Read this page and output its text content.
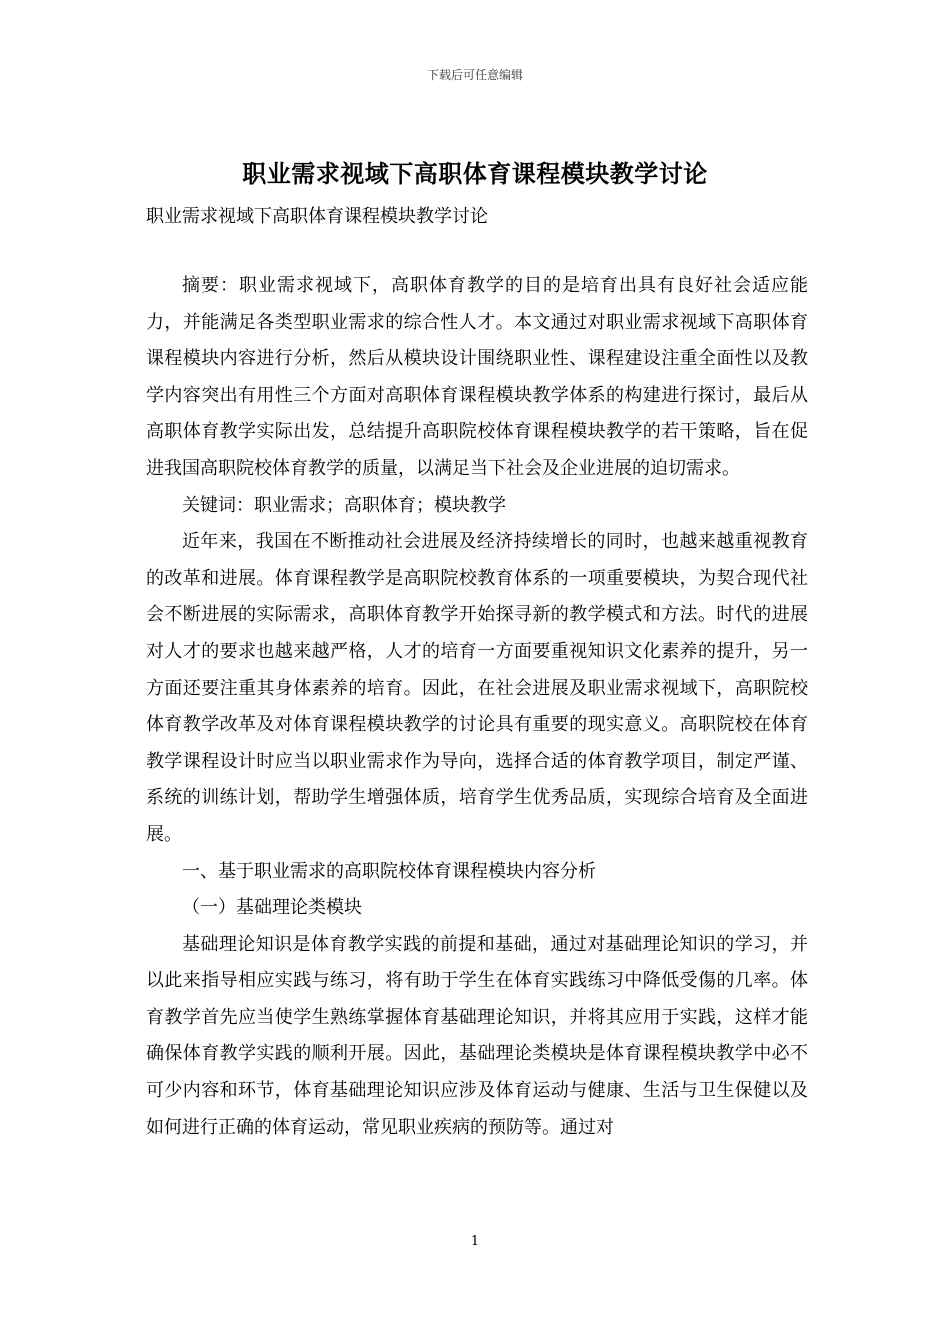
下载后可任意编辑
职业需求视域下高职体育课程模块教学讨论
职业需求视域下高职体育课程模块教学讨论

摘要：职业需求视域下，高职体育教学的目的是培育出具有良好社会适应能力，并能满足各类型职业需求的综合性人才。本文通过对职业需求视域下高职体育课程模块内容进行分析，然后从模块设计围绕职业性、课程建设注重全面性以及教学内容突出有用性三个方面对高职体育课程模块教学体系的构建进行探讨，最后从高职体育教学实际出发，总结提升高职院校体育课程模块教学的若干策略，旨在促进我国高职院校体育教学的质量，以满足当下社会及企业进展的迫切需求。

关键词：职业需求；高职体育；模块教学

近年来，我国在不断推动社会进展及经济持续增长的同时，也越来越重视教育的改革和进展。体育课程教学是高职院校教育体系的一项重要模块，为契合现代社会不断进展的实际需求，高职体育教学开始探寻新的教学模式和方法。时代的进展对人才的要求也越来越严格，人才的培育一方面要重视知识文化素养的提升，另一方面还要注重其身体素养的培育。因此，在社会进展及职业需求视域下，高职院校体育教学改革及对体育课程模块教学的讨论具有重要的现实意义。高职院校在体育教学课程设计时应当以职业需求作为导向，选择合适的体育教学项目，制定严谨、系统的训练计划，帮助学生增强体质，培育学生优秀品质，实现综合培育及全面进展。

一、基于职业需求的高职院校体育课程模块内容分析

（一）基础理论类模块

基础理论知识是体育教学实践的前提和基础，通过对基础理论知识的学习，并以此来指导相应实践与练习，将有助于学生在体育实践练习中降低受傷的几率。体育教学首先应当使学生熟练掌握体育基础理论知识，并将其应用于实践，这样才能确保体育教学实践的顺利开展。因此，基础理论类模块是体育课程模块教学中必不可少内容和环节，体育基础理论知识应涉及体育运动与健康、生活与卫生保健以及如何进行正确的体育运动，常见职业疾病的预防等。通过对

1
